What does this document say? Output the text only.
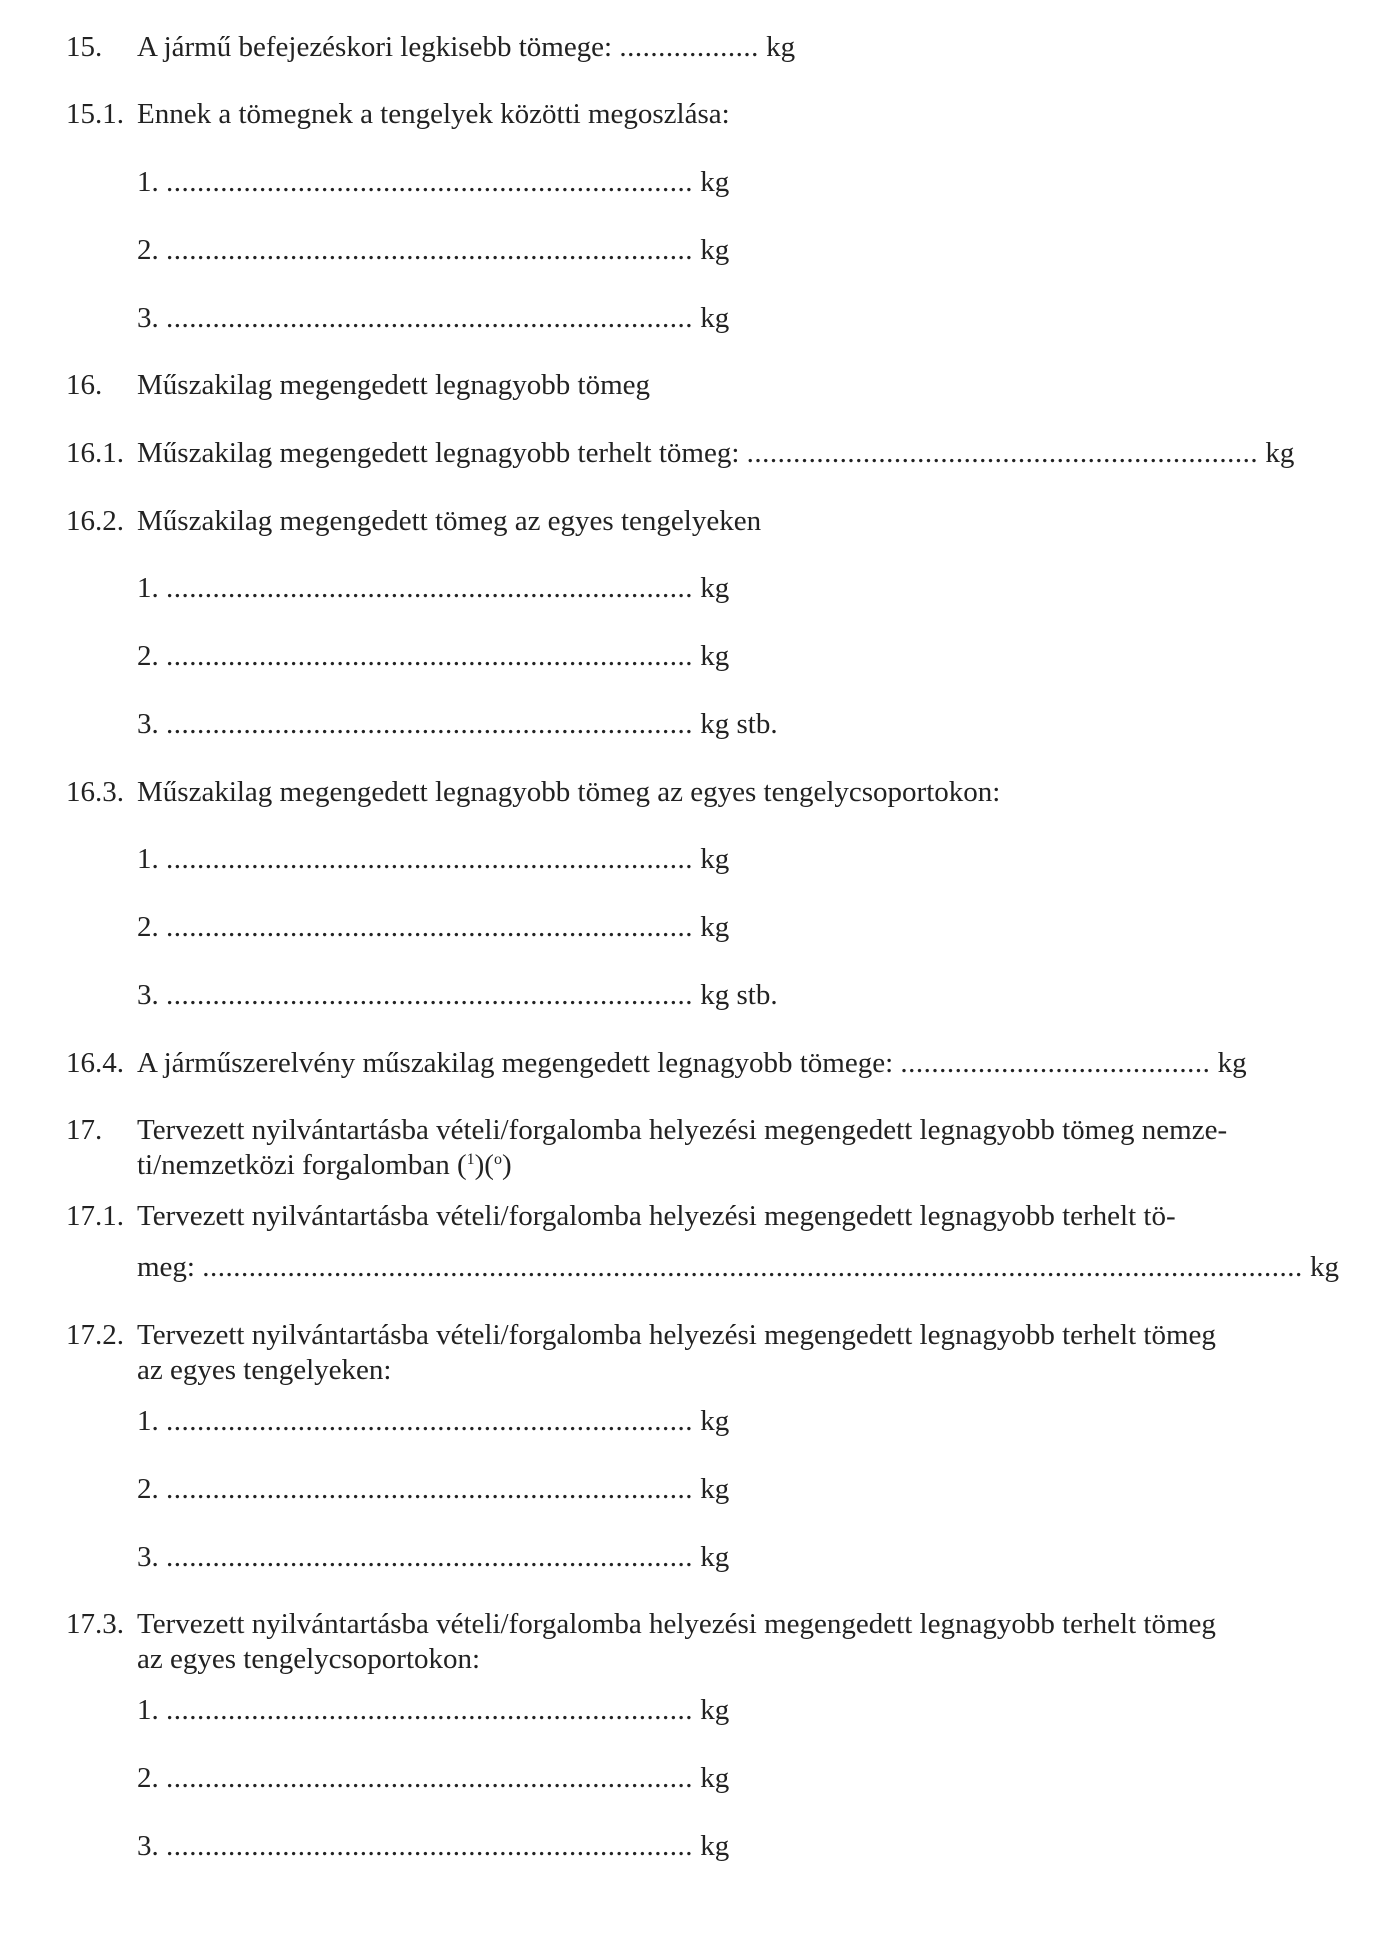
15. A jármű befejezéskori legkisebb tömege: .................. kg
15.1. Ennek a tömegnek a tengelyek közötti megoszlása:
1. .................................................................... kg
2. .................................................................... kg
3. .................................................................... kg
16. Műszakilag megengedett legnagyobb tömeg
16.1. Műszakilag megengedett legnagyobb terhelt tömeg: .................................................................. kg
16.2. Műszakilag megengedett tömeg az egyes tengelyeken
1. .................................................................... kg
2. .................................................................... kg
3. .................................................................... kg stb.
16.3. Műszakilag megengedett legnagyobb tömeg az egyes tengelycsoportokon:
1. .................................................................... kg
2. .................................................................... kg
3. .................................................................... kg stb.
16.4. A járműszerelvény műszakilag megengedett legnagyobb tömege: ........................................ kg
17. Tervezett nyilvántartásba vételi/forgalomba helyezési megengedett legnagyobb tömeg nemze-
ti/nemzetközi forgalomban ($^1$)($^o$)
17.1. Tervezett nyilvántartásba vételi/forgalomba helyezési megengedett legnagyobb terhelt tö-
meg: .............................................................................................................................................. kg
17.2. Tervezett nyilvántartásba vételi/forgalomba helyezési megengedett legnagyobb terhelt tömeg
az egyes tengelyeken:
1. .................................................................... kg
2. .................................................................... kg
3. .................................................................... kg
17.3. Tervezett nyilvántartásba vételi/forgalomba helyezési megengedett legnagyobb terhelt tömeg
az egyes tengelycsoportokon:
1. .................................................................... kg
2. .................................................................... kg
3. .................................................................... kg
